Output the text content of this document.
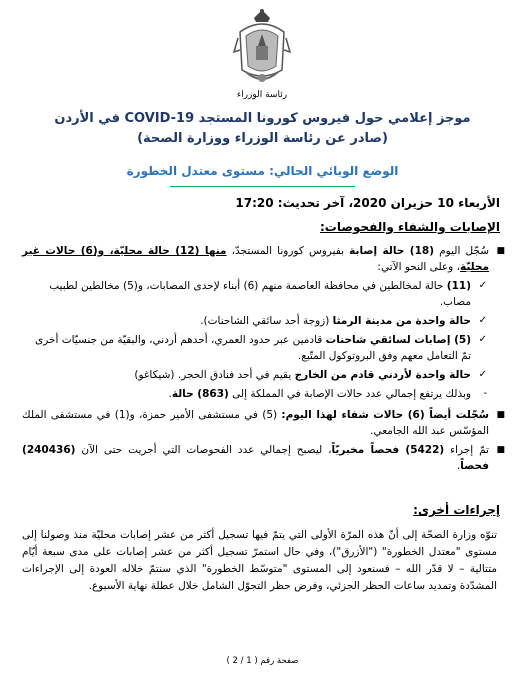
رئاسة الوزراء
موجز إعلامي حول فيروس كورونا المستجد COVID-19 في الأردن
(صادر عن رئاسة الوزراء ووزارة الصحة)
الوضع الوبائي الحالي: مستوى معتدل الخطورة
الأربعاء 10 حزيران 2020، آخر تحديث: 17:20
الإصابات والشفاء والفحوصات:
■
سُجّل اليوم (18) حالة إصابة بفيروس كورونا المستجدّ، منها (12) حالة محليّة، و(6) حالات غير محليّة، وعلى النحو الآتي:
✓
(11) حالة لمخالطين في محافظة العاصمة منهم (6) أبناء لإحدى المصابات، و(5) مخالطين لطبيب مصاب.
✓
حالة واحدة من مدينة الرمثا (زوجة أحد سائقي الشاحنات).
✓
(5) إصابات لسائقي شاحنات قادمين عبر حدود العمري، أحدهم أردني، والبقيّة من جنسيّات أخرى تمّ التعامل معهم وفق البروتوكول المتّبع.
✓
حالة واحدة لأردني قادم من الخارج يقيم في أحد فنادق الحجر. (شيكاغو)
-
وبذلك يرتفع إجمالي عدد حالات الإصابة في المملكة إلى (863) حالة.
■
سُجّلت أيضاً (6) حالات شفاء لهذا اليوم: (5) في مستشفى الأمير حمزة، و(1) في مستشفى الملك المؤسّس عبد الله الجامعي.
■
تمّ إجراء (5422) فحصاً مخبريّاً، ليصبح إجمالي عدد الفحوصات التي أجريت حتى الآن (240436) فحصاً.
إجراءات أخرى:
تنوّه وزارة الصحّة إلى أنّ هذه المرّة الأولى التي يتمّ فيها تسجيل أكثر من عشر إصابات محليّة منذ وصولنا إلى مستوى "معتدل الخطورة" ("الأزرق")، وفي حال استمرّ تسجيل أكثر من عشر إصابات على مدى سبعة أيّام متتالية – لا قدّر الله – فسنعود إلى المستوى "متوسّط الخطورة" الذي سنتمّ خلاله العودة إلى الإجراءات المشدّدة وتمديد ساعات الحظر الجزئي، وفرض حظر التجوّل الشامل خلال عطلة نهاية الأسبوع.
صفحة رقم ( 1 / 2 )
